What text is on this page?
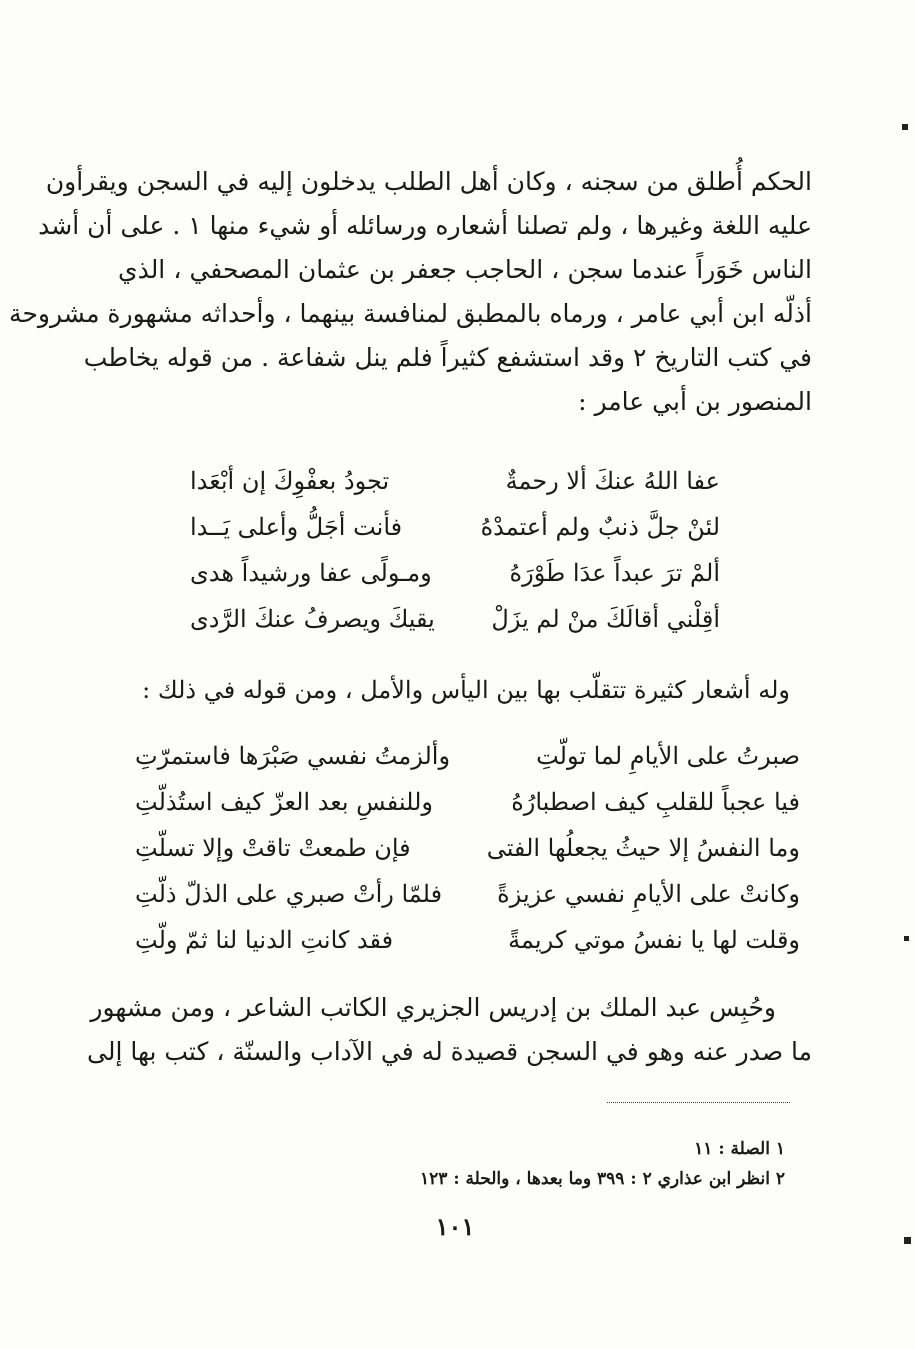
الحكم أُطلق من سجنه ، وكان أهل الطلب يدخلون إليه في السجن ويقرأون
عليه اللغة وغيرها ، ولم تصلنا أشعاره ورسائله أو شيء منها ١ . على أن أشد
الناس خَوَراً عندما سجن ، الحاجب جعفر بن عثمان المصحفي ، الذي
أذلّه ابن أبي عامر ، ورماه بالمطبق لمنافسة بينهما ، وأحداثه مشهورة مشروحة
في كتب التاريخ ٢ وقد استشفع كثيراً فلم ينل شفاعة . من قوله يخاطب
المنصور بن أبي عامر :
عفا اللهُ عنكَ ألا رحمةٌ
تجودُ بعفْوِكَ إن أبْعَدا
لئنْ جلَّ ذنبٌ ولم أعتمدْهُ
فأنت أجَلُّ وأعلى يَــدا
ألمْ ترَ عبداً عدَا طَوْرَهُ
ومـولًى عفا ورشيداً هدى
أقِلْني أقالَكَ منْ لم يزَلْ
يقيكَ ويصرفُ عنكَ الرَّدى
وله أشعار كثيرة تتقلّب بها بين اليأس والأمل ، ومن قوله في ذلك :
صبرتُ على الأيامِ لما تولّتِ
وألزمتُ نفسي صَبْرَها فاستمرّتِ
فيا عجباً للقلبِ كيف اصطبارُهُ
وللنفسِ بعد العزّ كيف استُذلّتِ
وما النفسُ إلا حيثُ يجعلُها الفتى
فإن طمعتْ تاقتْ وإلا تسلّتِ
وكانتْ على الأيامِ نفسي عزيزةً
فلمّا رأتْ صبري على الذلّ ذلّتِ
وقلت لها يا نفسُ موتي كريمةً
فقد كانتِ الدنيا لنا ثمّ ولّتِ
وحُبِس عبد الملك بن إدريس الجزيري الكاتب الشاعر ، ومن مشهور
ما صدر عنه وهو في السجن قصيدة له في الآداب والسنّة ، كتب بها إلى
١ الصلة : ١١
٢ انظر ابن عذاري ٢ : ٣٩٩ وما بعدها ، والحلة : ١٢٣
١٠١
